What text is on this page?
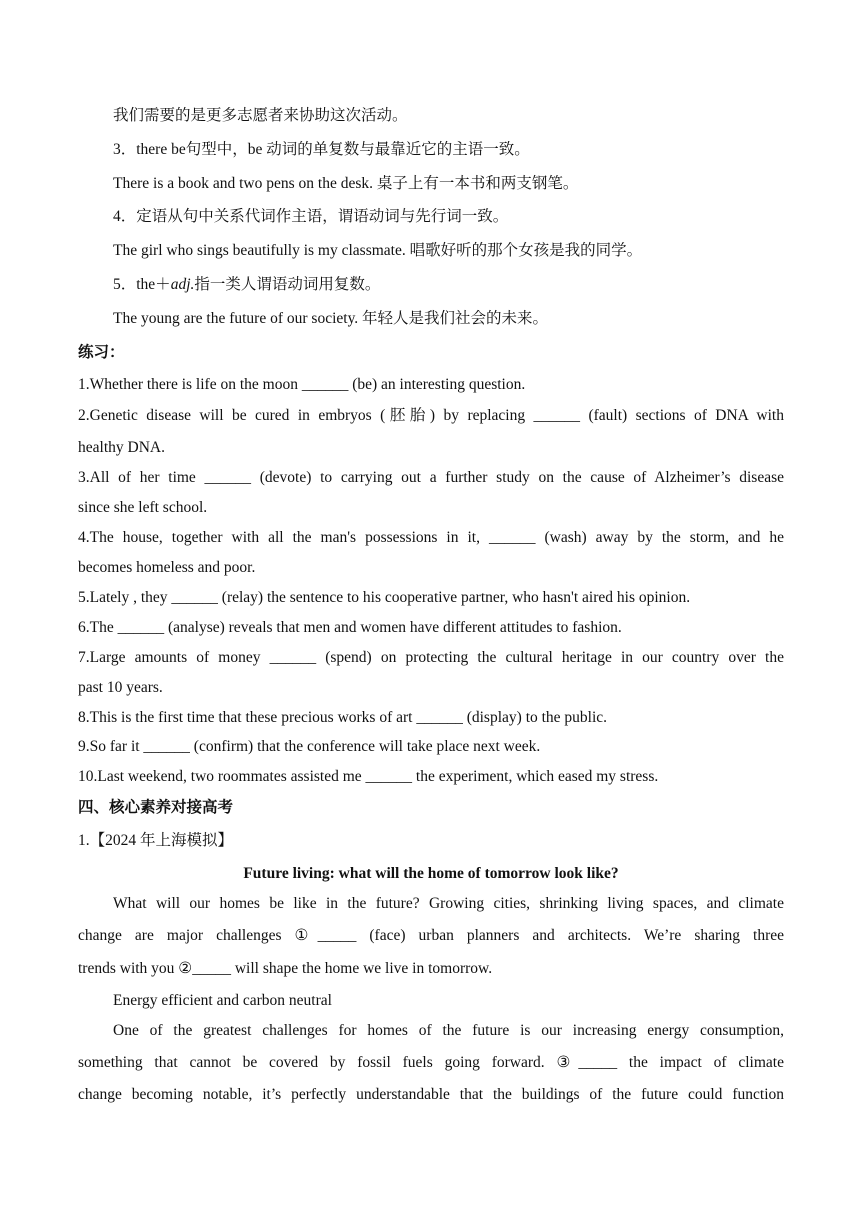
我们需要的是更多志愿者来协助这次活动。

3．there be句型中，be 动词的单复数与最靠近它的主语一致。

There is a book and two pens on the desk. 桌子上有一本书和两支钢笔。

4．定语从句中关系代词作主语，谓语动词与先行词一致。

The girl who sings beautifully is my classmate. 唱歌好听的那个女孩是我的同学。

5．the＋adj.指一类人谓语动词用复数。

The young are the future of our society. 年轻人是我们社会的未来。

练习：

1.Whether there is life on the moon ______ (be) an interesting question.

2.Genetic disease will be cured in embryos (胚胎) by replacing ______ (fault) sections of DNA with

healthy DNA.

3.All of her time ______ (devote) to carrying out a further study on the cause of Alzheimer’s disease

since she left school.

4.The house, together with all the man's possessions in it, ______ (wash) away by the storm, and he

becomes homeless and poor.

5.Lately , they ______ (relay) the sentence to his cooperative partner, who hasn't aired his opinion.

6.The ______ (analyse) reveals that men and women have different attitudes to fashion.

7.Large amounts of money ______ (spend) on protecting the cultural heritage in our country over the

past 10 years.

8.This is the first time that these precious works of art ______ (display) to the public.

9.So far it ______ (confirm) that the conference will take place next week.

10.Last weekend, two roommates assisted me ______ the experiment, which eased my stress.

四、核心素养对接高考

1.【2024 年上海模拟】

Future living: what will the home of tomorrow look like?

What will our homes be like in the future? Growing cities, shrinking living spaces, and climate

change are major challenges ①_____ (face) urban planners and architects. We’re sharing three

trends with you ②_____ will shape the home we live in tomorrow.

Energy efficient and carbon neutral

One of the greatest challenges for homes of the future is our increasing energy consumption,

something that cannot be covered by fossil fuels going forward. ③_____ the impact of climate

change becoming notable, it’s perfectly understandable that the buildings of the future could function
